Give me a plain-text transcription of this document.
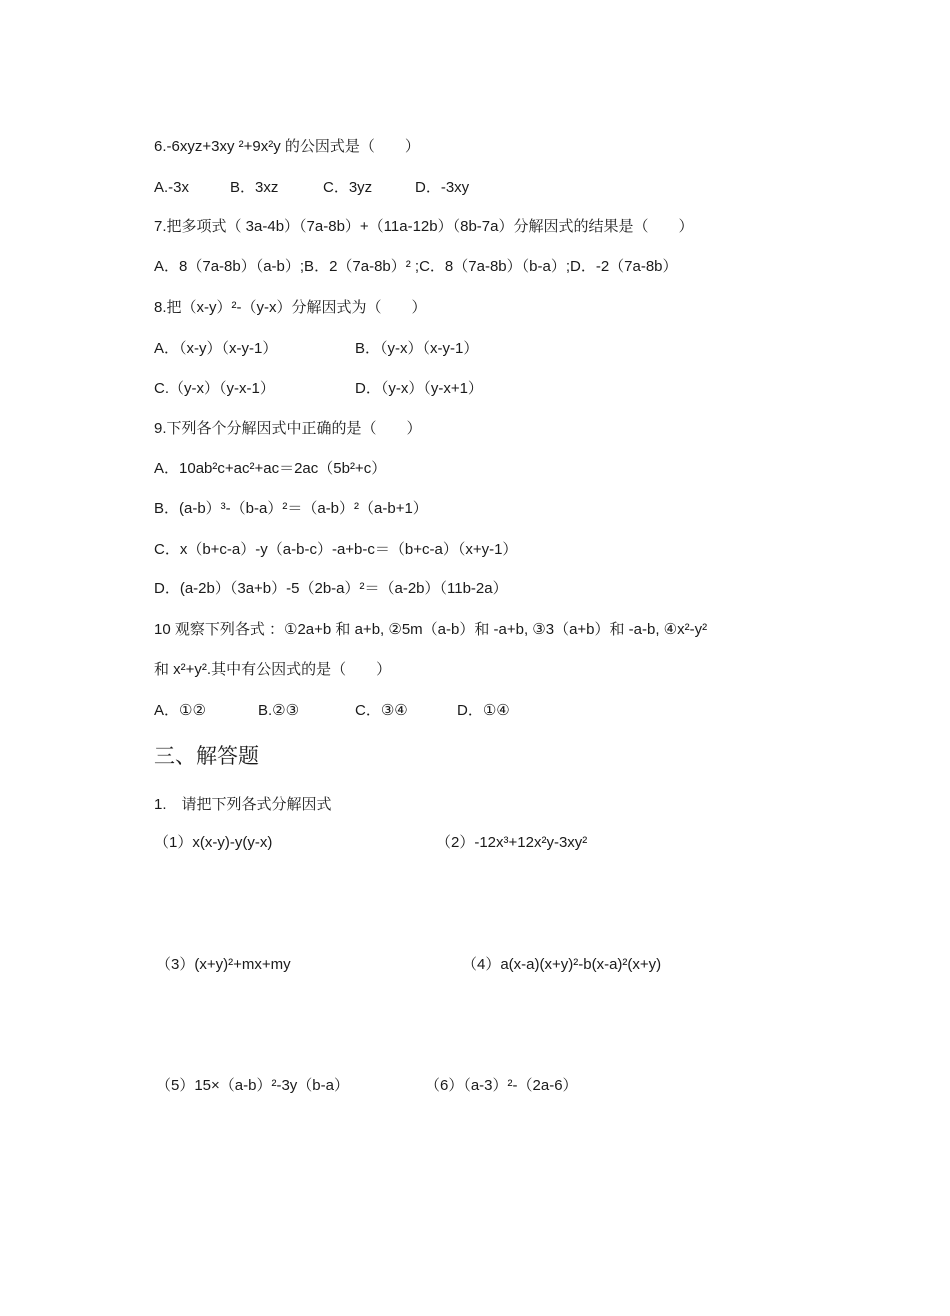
6.-6xyz+3xy ²+9x²y 的公因式是（　　）
A.-3x	B．3xz	C．3yz	D．-3xy
7.把多项式（ 3a-4b）（7a-8b）+（11a-12b）（8b-7a）分解因式的结果是（　　）
A．8（7a-8b）（a-b）;B．2（7a-8b）² ;C．8（7a-8b）（b-a）;D．-2（7a-8b）
8.把（x-y）²-（y-x）分解因式为（　　）
A．（x-y）（x-y-1）	B．（y-x）（x-y-1）
C.（y-x）（y-x-1）	D．（y-x）（y-x+1）
9.下列各个分解因式中正确的是（　　）
A．10ab²c+ac²+ac＝2ac（5b²+c）
B．(a-b）³-（b-a）²＝（a-b）²（a-b+1）
C．x（b+c-a）-y（a-b-c）-a+b-c＝（b+c-a）（x+y-1）
D．(a-2b）（3a+b）-5（2b-a）²＝（a-2b）（11b-2a）
10 观察下列各式 ：①2a+b 和 a+b, ②5m（a-b）和 -a+b, ③3（a+b）和 -a-b, ④x²-y²
和 x²+y².其中有公因式的是（　　）
A．①②	B.②③	C．③④	D．①④
三、解答题
1.　请把下列各式分解因式
（1）x(x-y)-y(y-x)	（2）-12x³+12x²y-3xy²
（3）(x+y)²+mx+my	（4）a(x-a)(x+y)²-b(x-a)²(x+y)
（5）15×（a-b）²-3y（b-a）	（6）（a-3）²-（2a-6）
